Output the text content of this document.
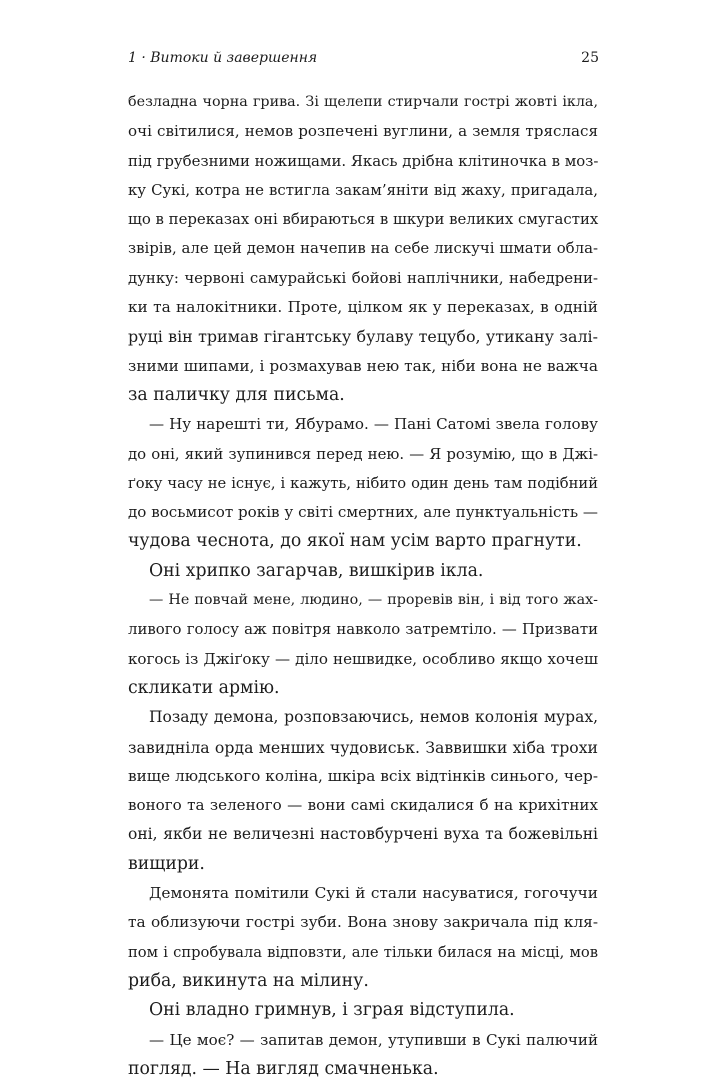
1 · Витоки й завершення	25
безладна чорна грива. Зі щелепи стирчали гострі жовті ікла,
очі світилися, немов розпечені вуглини, а земля тряслася
під грубезними ножищами. Якась дрібна клітиночка в моз-
ку Сукі, котра не встигла закам’яніти від жаху, пригадала,
що в переказах оні вбираються в шкури великих смугастих
звірів, але цей демон начепив на себе лискучі шмати обла-
дунку: червоні самурайські бойові наплічники, набедрени-
ки та налокітники. Проте, цілком як у переказах, в одній
руці він тримав гігантську булаву тецубо, утикану залі-
зними шипами, і розмахував нею так, ніби вона не важча
за паличку для письма.
— Ну нарешті ти, Ябурамо. — Пані Сатомі звела голову
до оні, який зупинився перед нею. — Я розумію, що в Джі-
ґоку часу не існує, і кажуть, нібито один день там подібний
до восьмисот років у світі смертних, але пунктуальність —
чудова чеснота, до якої нам усім варто прагнути.
Оні хрипко загарчав, вишкірив ікла.
— Не повчай мене, людино, — проревів він, і від того жах-
ливого голосу аж повітря навколо затремтіло. — Призвати
когось із Джіґоку — діло нешвидке, особливо якщо хочеш
скликати армію.
Позаду демона, розповзаючись, немов колонія мурах,
завиднілa орда менших чудовиськ. Заввишки хіба трохи
вище людського коліна, шкіра всіх відтінків синього, чер-
воного та зеленого — вони самі скидалися б на крихітних
оні, якби не величезні настовбурчені вуха та божевільні
вищири.
Демонята помітили Сукі й стали насуватися, гогочучи
та облизуючи гострі зуби. Вона знову закричала під кля-
пом і спробувала відповзти, але тільки билася на місці, мов
риба, викинута на мілину.
Оні владно гримнув, і зграя відступила.
— Це моє? — запитав демон, утупивши в Сукі палючий
погляд. — На вигляд смачненька.
